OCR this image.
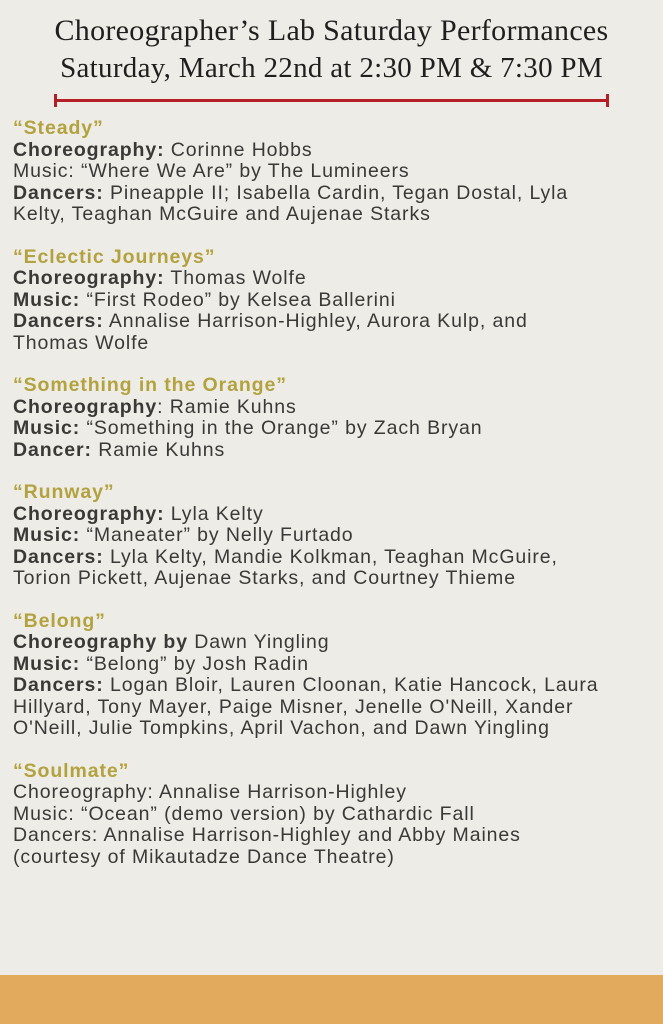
Choreographer’s Lab Saturday Performances
Saturday, March 22nd at 2:30 PM & 7:30 PM

“Steady”

Choreography: Corinne Hobbs

Music: “Where We Are” by The Lumineers

Dancers: Pineapple II; Isabella Cardin, Tegan Dostal, Lyla Kelty, Teaghan McGuire and Aujenae Starks

“Eclectic Journeys”

Choreography: Thomas Wolfe

Music: “First Rodeo” by Kelsea Ballerini

Dancers: Annalise Harrison-Highley, Aurora Kulp, and Thomas Wolfe

“Something in the Orange”

Choreography: Ramie Kuhns

Music: “Something in the Orange” by Zach Bryan

Dancer: Ramie Kuhns

“Runway”

Choreography: Lyla Kelty

Music: “Maneater” by Nelly Furtado

Dancers: Lyla Kelty, Mandie Kolkman, Teaghan McGuire, Torion Pickett, Aujenae Starks, and Courtney Thieme

“Belong”

Choreography by Dawn Yingling

Music: “Belong” by Josh Radin

Dancers: Logan Bloir, Lauren Cloonan, Katie Hancock, Laura Hillyard, Tony Mayer, Paige Misner, Jenelle O'Neill, Xander O'Neill, Julie Tompkins, April Vachon, and Dawn Yingling

“Soulmate”

Choreography: Annalise Harrison-Highley

Music: “Ocean” (demo version) by Cathardic Fall

Dancers: Annalise Harrison-Highley and Abby Maines (courtesy of Mikautadze Dance Theatre)
